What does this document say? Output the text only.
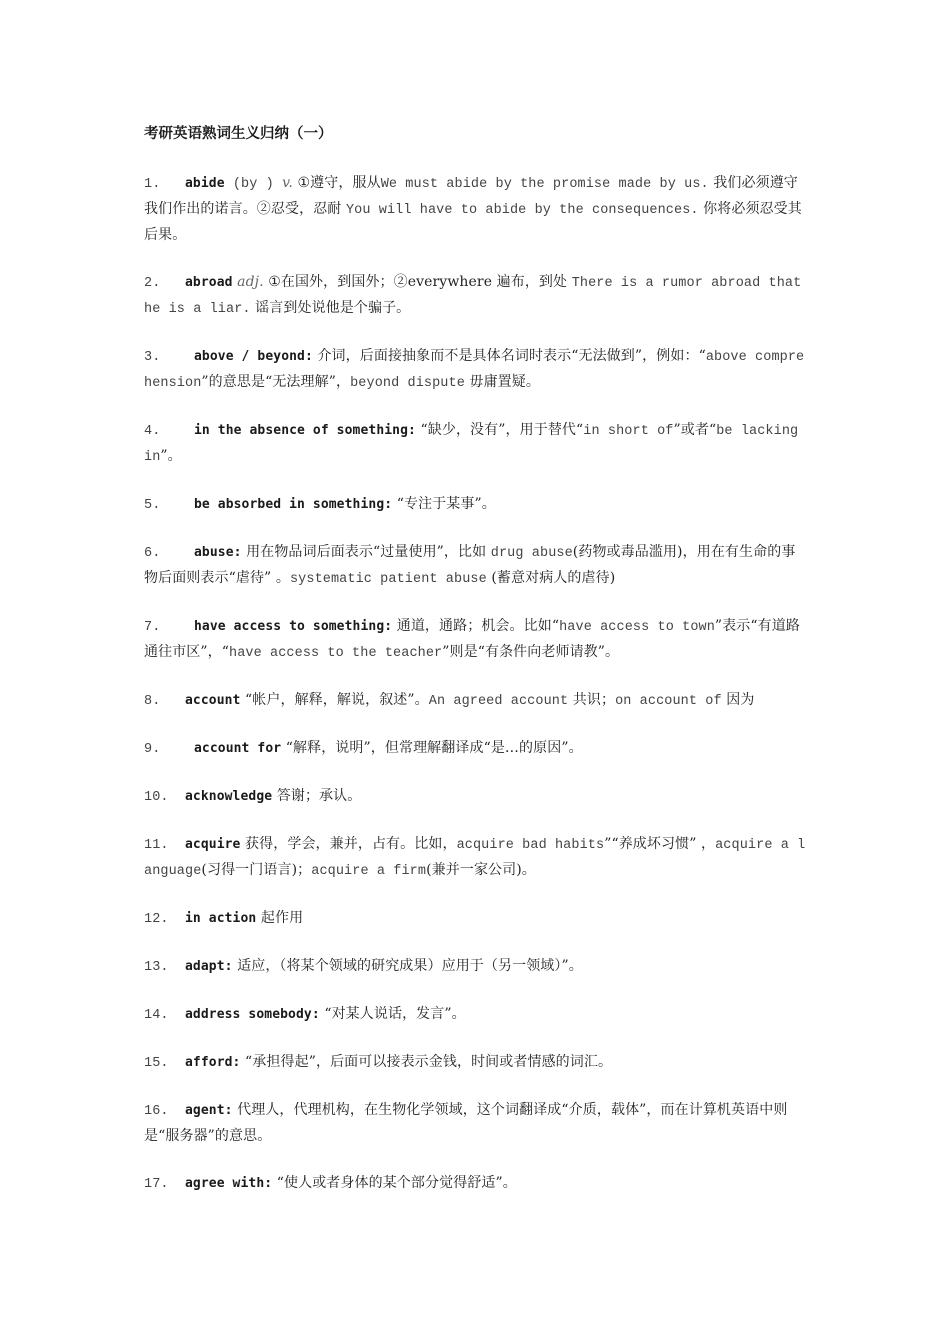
考研英语熟词生义归纳（一）
1. abide (by ) v. ①遵守，服从We must abide by the promise made by us. 我们必须遵守我们作出的诺言。②忍受，忍耐 You will have to abide by the consequences. 你将必须忍受其后果。
2. abroad adj. ①在国外，到国外；②everywhere 遍布，到处 There is a rumor abroad that he is a liar. 谣言到处说他是个骗子。
3.	above / beyond: 介词，后面接抽象而不是具体名词时表示“无法做到”，例如：“above comprehension”的意思是“无法理解”，beyond dispute 毋庸置疑。
4.	in the absence of something: “缺少，没有”，用于替代“in short of”或者“be lacking in”。
5.	be absorbed in something: “专注于某事”。
6.	abuse: 用在物品词后面表示“过量使用”，比如 drug abuse(药物或毒品滥用)，用在有生命的事物后面则表示“虐待” 。systematic patient abuse (蓄意对病人的虐待)
7.	have access to something: 通道，通路；机会。比如“have access to town”表示“有道路通往市区”，“have access to the teacher”则是“有条件向老师请教”。
8. account “帐户，解释，解说，叙述”。An agreed account 共识；on account of 因为
9.	account for “解释，说明”，但常理解翻译成“是…的原因”。
10. acknowledge 答谢；承认。
11. acquire 获得，学会，兼并，占有。比如，acquire bad habits”“养成坏习惯” ，acquire a language(习得一门语言)；acquire a firm(兼并一家公司)。
12. in action 起作用
13. adapt: 适应，（将某个领域的研究成果）应用于（另一领域）”。
14. address somebody: “对某人说话，发言”。
15. afford: “承担得起”，后面可以接表示金钱，时间或者情感的词汇。
16. agent: 代理人，代理机构，在生物化学领域，这个词翻译成“介质，载体”，而在计算机英语中则是“服务器”的意思。
17. agree with: “使人或者身体的某个部分觉得舒适”。
